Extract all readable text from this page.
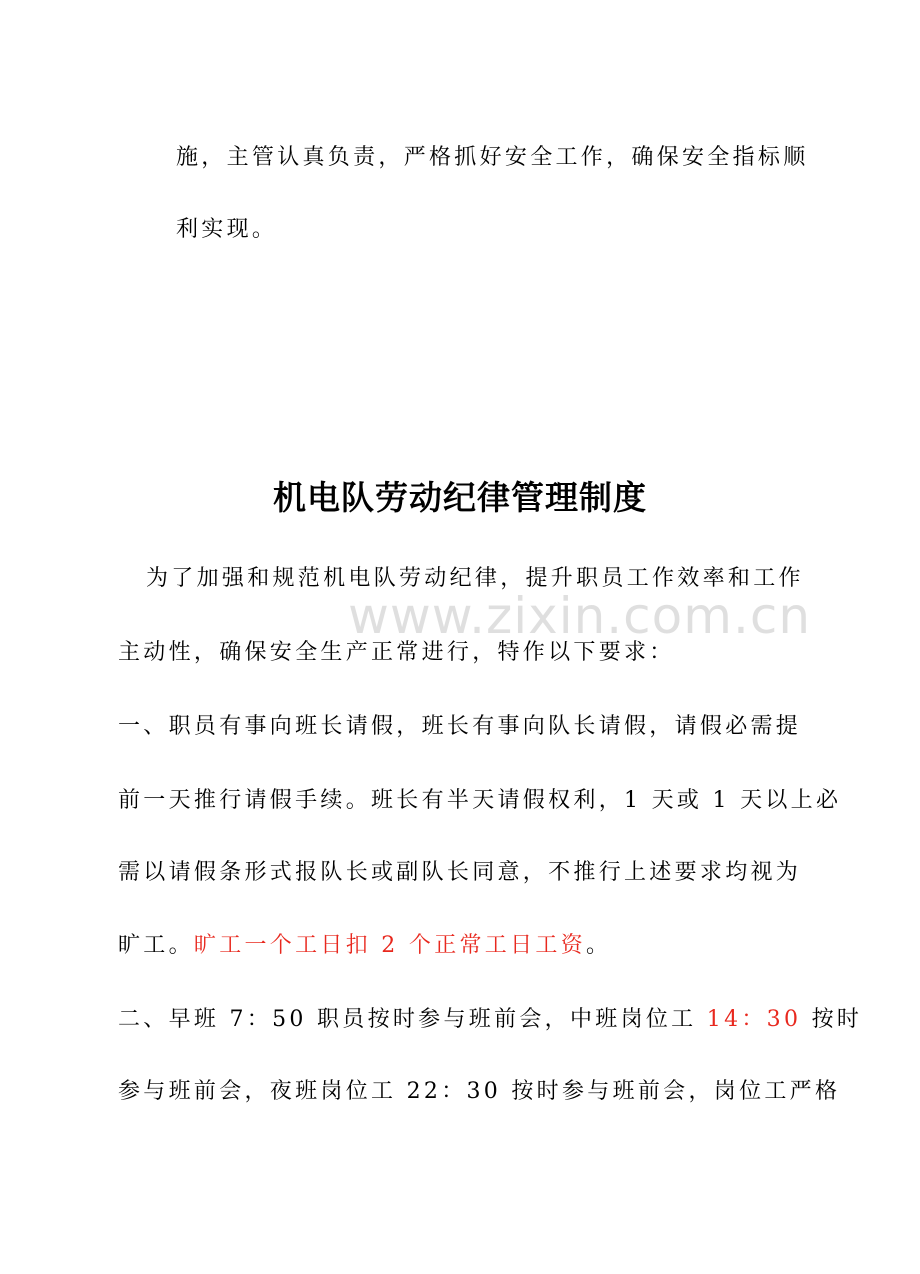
施，主管认真负责，严格抓好安全工作，确保安全指标顺
利实现。
机电队劳动纪律管理制度
www.zixin.com.cn
为了加强和规范机电队劳动纪律，提升职员工作效率和工作
主动性，确保安全生产正常进行，特作以下要求：
一、职员有事向班长请假，班长有事向队长请假，请假必需提
前一天推行请假手续。班长有半天请假权利，1 天或 1 天以上必
需以请假条形式报队长或副队长同意，不推行上述要求均视为
旷工。旷工一个工日扣 2 个正常工日工资。
二、早班 7：50 职员按时参与班前会，中班岗位工 14：30 按时
参与班前会，夜班岗位工 22：30 按时参与班前会，岗位工严格
